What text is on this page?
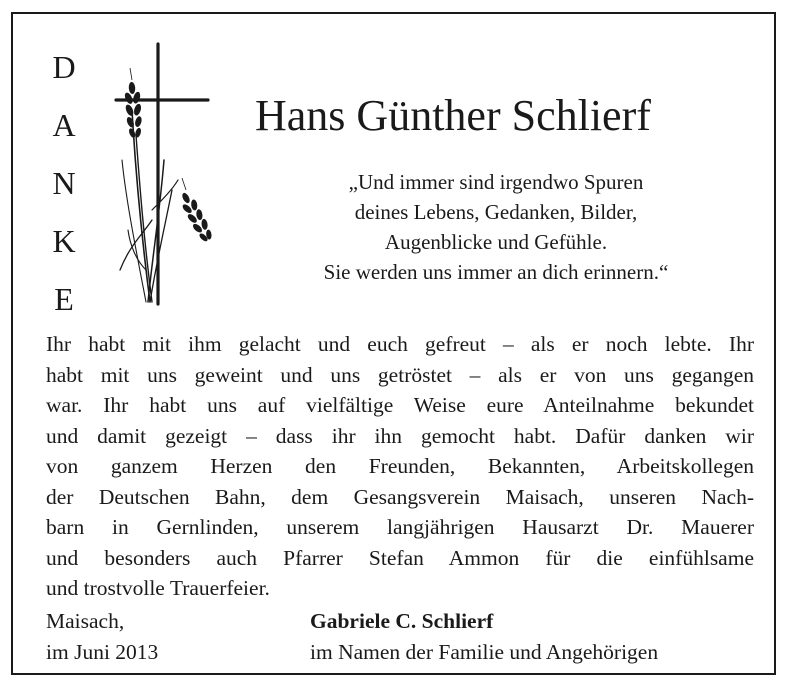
D
A
N
K
E
Hans Günther Schlierf
„Und immer sind irgendwo Spuren
deines Lebens, Gedanken, Bilder,
Augenblicke und Gefühle.
Sie werden uns immer an dich erinnern.“
Ihr habt mit ihm gelacht und euch gefreut – als er noch lebte. Ihr
habt mit uns geweint und uns getröstet – als er von uns gegangen
war. Ihr habt uns auf vielfältige Weise eure Anteilnahme bekundet
und damit gezeigt – dass ihr ihn gemocht habt. Dafür danken wir
von ganzem Herzen den Freunden, Bekannten, Arbeitskollegen
der Deutschen Bahn, dem Gesangsverein Maisach, unseren Nach-
barn in Gernlinden, unserem langjährigen Hausarzt Dr. Mauerer
und besonders auch Pfarrer Stefan Ammon für die einfühlsame
und trostvolle Trauerfeier.
Maisach,
im Juni 2013
Gabriele C. Schlierf
im Namen der Familie und Angehörigen
